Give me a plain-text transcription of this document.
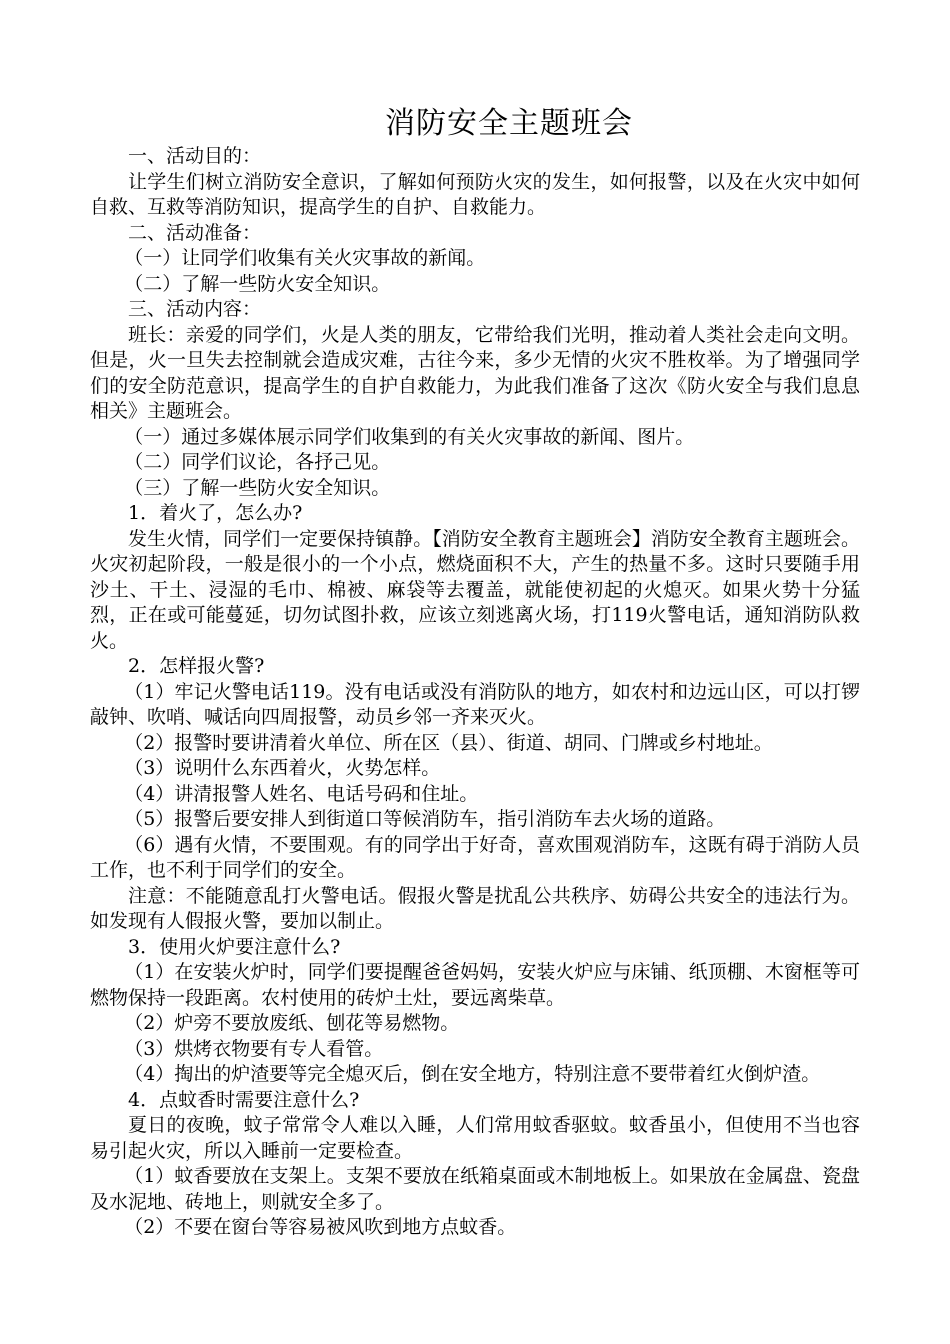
消防安全主题班会

一、活动目的：

让学生们树立消防安全意识，了解如何预防火灾的发生，如何报警，以及在火灾中如何自救、互救等消防知识，提高学生的自护、自救能力。

二、活动准备：

（一）让同学们收集有关火灾事故的新闻。

（二）了解一些防火安全知识。

三、活动内容：

班长：亲爱的同学们，火是人类的朋友，它带给我们光明，推动着人类社会走向文明。但是，火一旦失去控制就会造成灾难，古往今来，多少无情的火灾不胜枚举。为了增强同学们的安全防范意识，提高学生的自护自救能力，为此我们准备了这次《防火安全与我们息息相关》主题班会。

（一）通过多媒体展示同学们收集到的有关火灾事故的新闻、图片。

（二）同学们议论，各抒己见。

（三）了解一些防火安全知识。

1．着火了，怎么办?

发生火情，同学们一定要保持镇静。【消防安全教育主题班会】消防安全教育主题班会。火灾初起阶段，一般是很小的一个小点，燃烧面积不大，产生的热量不多。这时只要随手用沙土、干土、浸湿的毛巾、棉被、麻袋等去覆盖，就能使初起的火熄灭。如果火势十分猛烈，正在或可能蔓延，切勿试图扑救，应该立刻逃离火场，打119火警电话，通知消防队救火。

2．怎样报火警?

（1）牢记火警电话119。没有电话或没有消防队的地方，如农村和边远山区，可以打锣敲钟、吹哨、喊话向四周报警，动员乡邻一齐来灭火。

（2）报警时要讲清着火单位、所在区（县）、街道、胡同、门牌或乡村地址。

（3）说明什么东西着火，火势怎样。

（4）讲清报警人姓名、电话号码和住址。

（5）报警后要安排人到街道口等候消防车，指引消防车去火场的道路。

（6）遇有火情，不要围观。有的同学出于好奇，喜欢围观消防车，这既有碍于消防人员工作，也不利于同学们的安全。

注意：不能随意乱打火警电话。假报火警是扰乱公共秩序、妨碍公共安全的违法行为。如发现有人假报火警，要加以制止。

3．使用火炉要注意什么?

（1）在安装火炉时，同学们要提醒爸爸妈妈，安装火炉应与床铺、纸顶棚、木窗框等可燃物保持一段距离。农村使用的砖炉土灶，要远离柴草。

（2）炉旁不要放废纸、刨花等易燃物。

（3）烘烤衣物要有专人看管。

（4）掏出的炉渣要等完全熄灭后，倒在安全地方，特别注意不要带着红火倒炉渣。

4．点蚊香时需要注意什么?

夏日的夜晚，蚊子常常令人难以入睡，人们常用蚊香驱蚊。蚊香虽小，但使用不当也容易引起火灾，所以入睡前一定要检查。

（1）蚊香要放在支架上。支架不要放在纸箱桌面或木制地板上。如果放在金属盘、瓷盘及水泥地、砖地上，则就安全多了。

（2）不要在窗台等容易被风吹到地方点蚊香。
